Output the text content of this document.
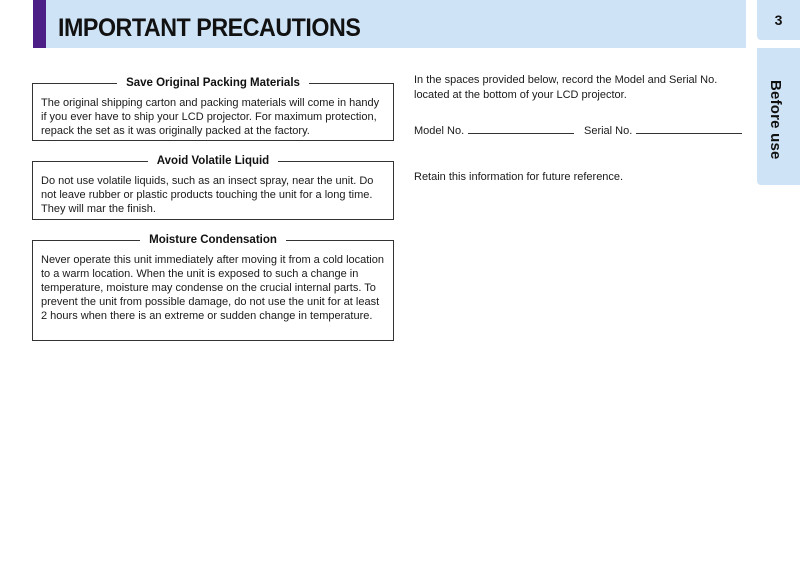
IMPORTANT PRECAUTIONS	3
Before use
Save Original Packing Materials

The original shipping carton and packing materials will come in handy if you ever have to ship your LCD projector. For maximum protection, repack the set as it was originally packed at the factory.

Avoid Volatile Liquid

Do not use volatile liquids, such as an insect spray, near the unit. Do not leave rubber or plastic products touching the unit for a long time. They will mar the finish.

Moisture Condensation

Never operate this unit immediately after moving it from a cold location to a warm location. When the unit is exposed to such a change in temperature, moisture may condense on the crucial internal parts. To prevent the unit from possible damage, do not use the unit for at least 2 hours when there is an extreme or sudden change in temperature.

In the spaces provided below, record the Model and Serial No. located at the bottom of your LCD projector.

Model No.	Serial No.

Retain this information for future reference.
